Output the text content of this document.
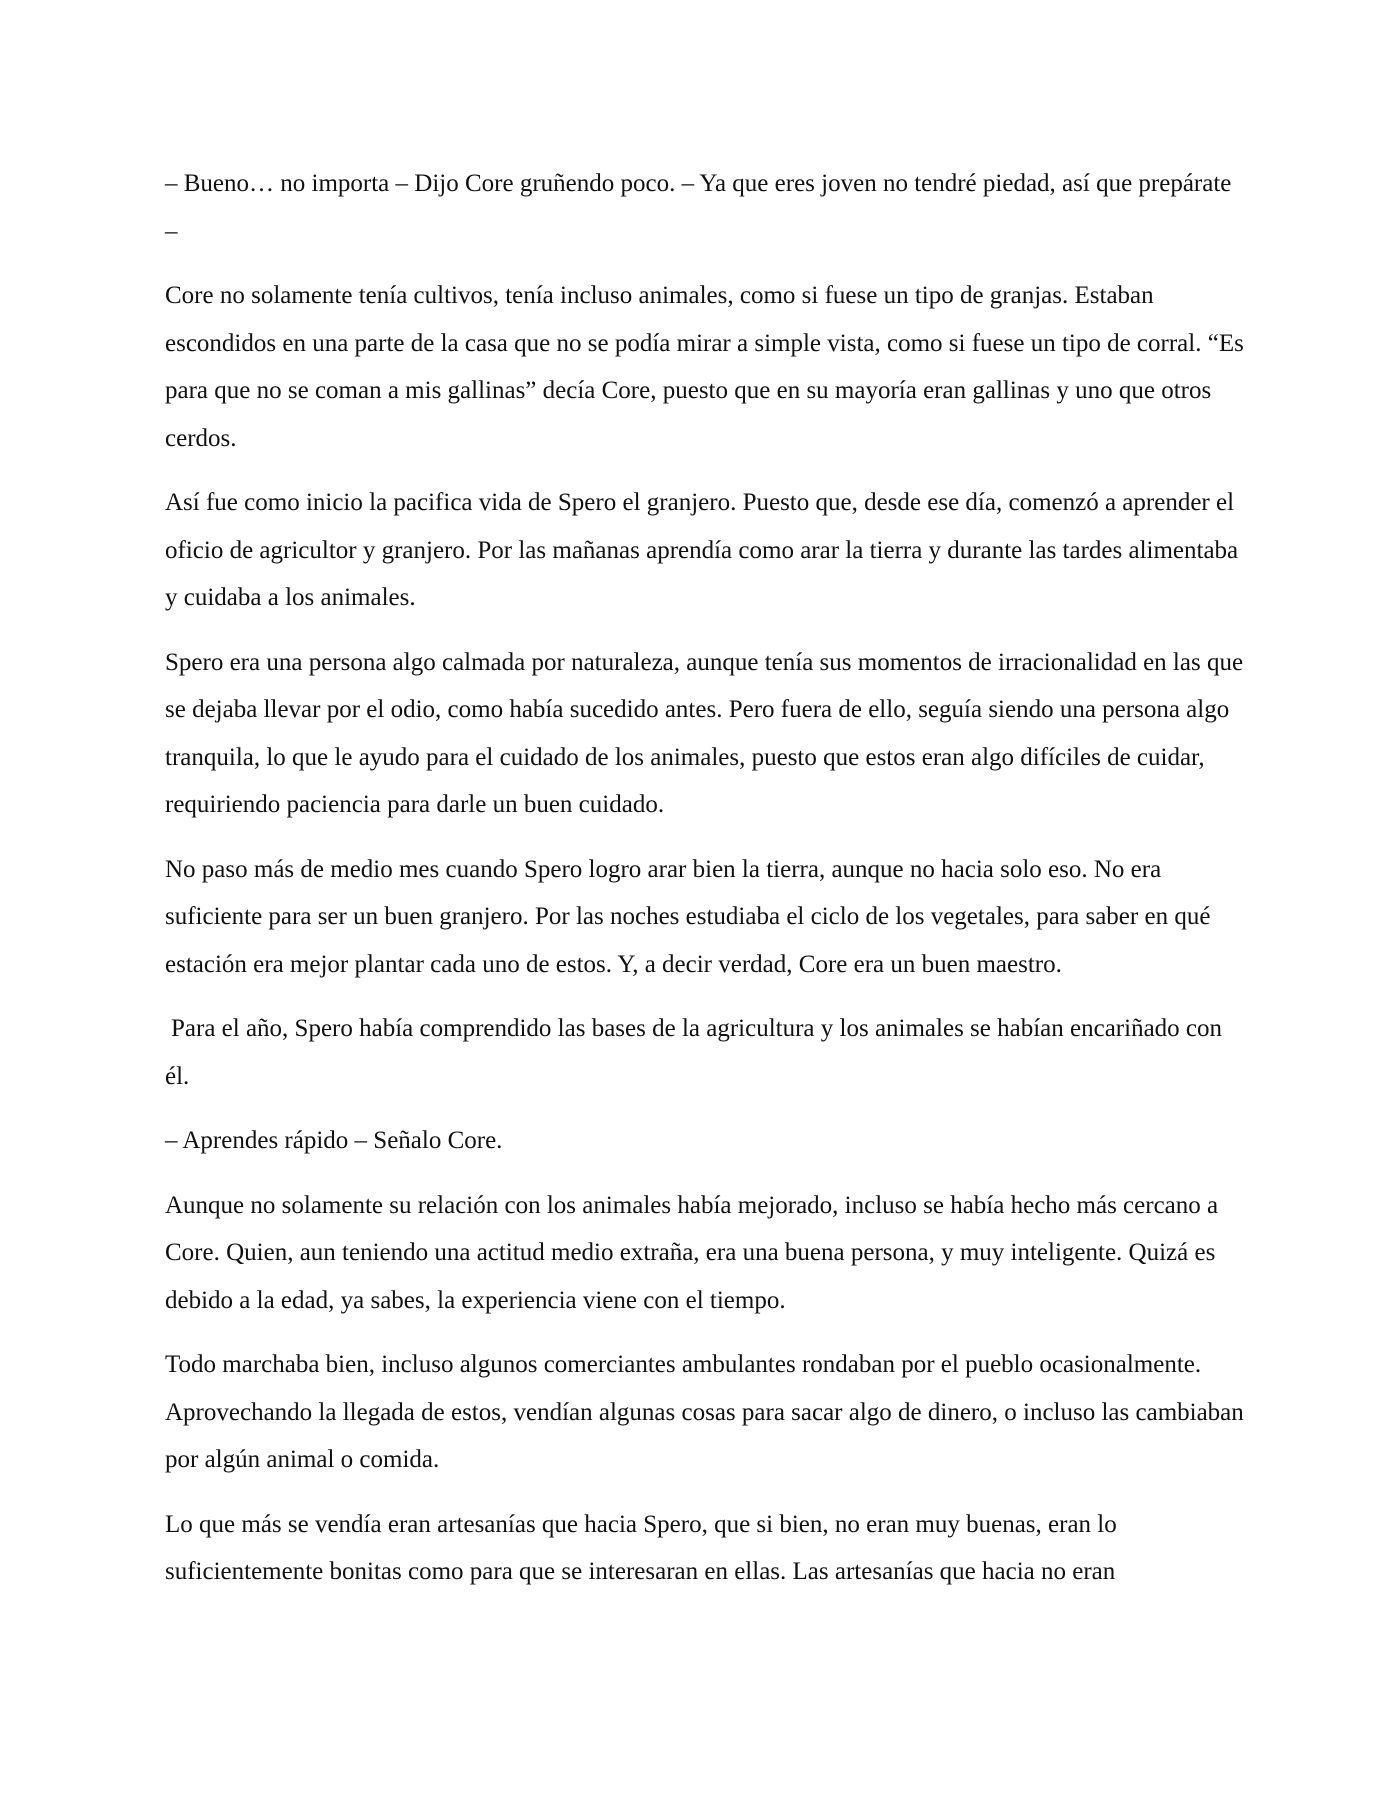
– Bueno… no importa – Dijo Core gruñendo poco. – Ya que eres joven no tendré piedad, así que prepárate –

Core no solamente tenía cultivos, tenía incluso animales, como si fuese un tipo de granjas. Estaban escondidos en una parte de la casa que no se podía mirar a simple vista, como si fuese un tipo de corral. “Es para que no se coman a mis gallinas” decía Core, puesto que en su mayoría eran gallinas y uno que otros cerdos.

Así fue como inicio la pacifica vida de Spero el granjero. Puesto que, desde ese día, comenzó a aprender el oficio de agricultor y granjero. Por las mañanas aprendía como arar la tierra y durante las tardes alimentaba y cuidaba a los animales.

Spero era una persona algo calmada por naturaleza, aunque tenía sus momentos de irracionalidad en las que se dejaba llevar por el odio, como había sucedido antes. Pero fuera de ello, seguía siendo una persona algo tranquila, lo que le ayudo para el cuidado de los animales, puesto que estos eran algo difíciles de cuidar, requiriendo paciencia para darle un buen cuidado.

No paso más de medio mes cuando Spero logro arar bien la tierra, aunque no hacia solo eso. No era suficiente para ser un buen granjero. Por las noches estudiaba el ciclo de los vegetales, para saber en qué estación era mejor plantar cada uno de estos. Y, a decir verdad, Core era un buen maestro.

Para el año, Spero había comprendido las bases de la agricultura y los animales se habían encariñado con él.

– Aprendes rápido – Señalo Core.

Aunque no solamente su relación con los animales había mejorado, incluso se había hecho más cercano a Core. Quien, aun teniendo una actitud medio extraña, era una buena persona, y muy inteligente. Quizá es debido a la edad, ya sabes, la experiencia viene con el tiempo.

Todo marchaba bien, incluso algunos comerciantes ambulantes rondaban por el pueblo ocasionalmente. Aprovechando la llegada de estos, vendían algunas cosas para sacar algo de dinero, o incluso las cambiaban por algún animal o comida.

Lo que más se vendía eran artesanías que hacia Spero, que si bien, no eran muy buenas, eran lo suficientemente bonitas como para que se interesaran en ellas. Las artesanías que hacia no eran
